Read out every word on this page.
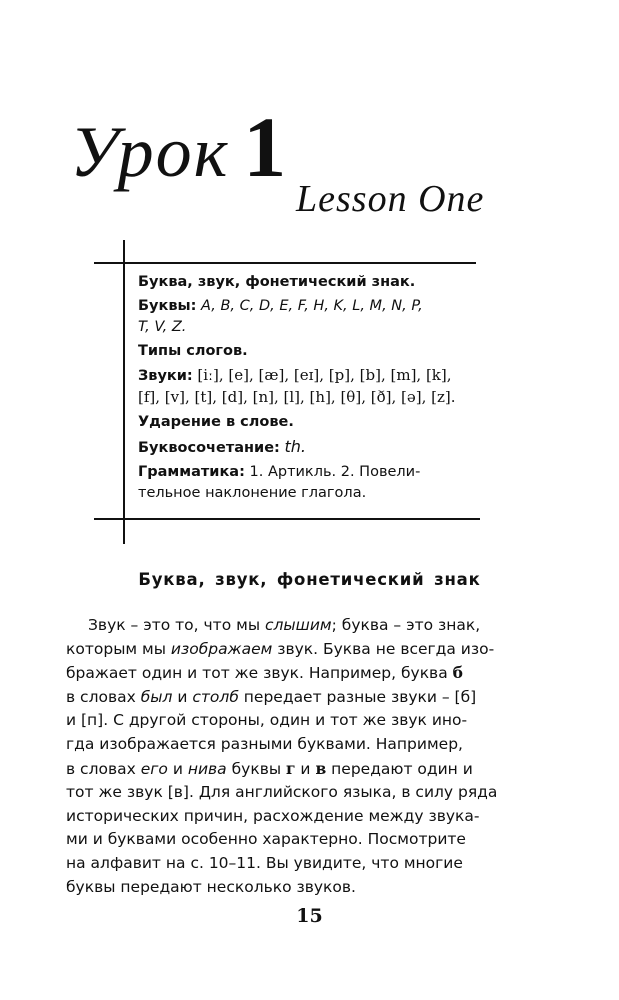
Урок 1
Lesson One

Буква, звук, фонетический знак.

Буквы: A, B, C, D, E, F, H, K, L, M, N, P,
T, V, Z.

Типы слогов.

Звуки: [iː], [e], [æ], [eɪ], [p], [b], [m], [k],
[f], [v], [t], [d], [n], [l], [h], [θ], [ð], [ə], [z].

Ударение в слове.

Буквосочетание: th.

Грамматика: 1. Артикль. 2. Повели-
тельное наклонение глагола.

Буква, звук, фонетический знак
Звук – это то, что мы слышим; буква – это знак,
которым мы изображаем звук. Буква не всегда изо-
бражает один и тот же звук. Например, буква б
в словах был и столб передает разные звуки – [б]
и [п]. С другой стороны, один и тот же звук ино-
гда изображается разными буквами. Например,
в словах его и нива буквы г и в передают один и
тот же звук [в]. Для английского языка, в силу ряда
исторических причин, расхождение между звука-
ми и буквами особенно характерно. Посмотрите
на алфавит на с. 10–11. Вы увидите, что многие
буквы передают несколько звуков.

15
